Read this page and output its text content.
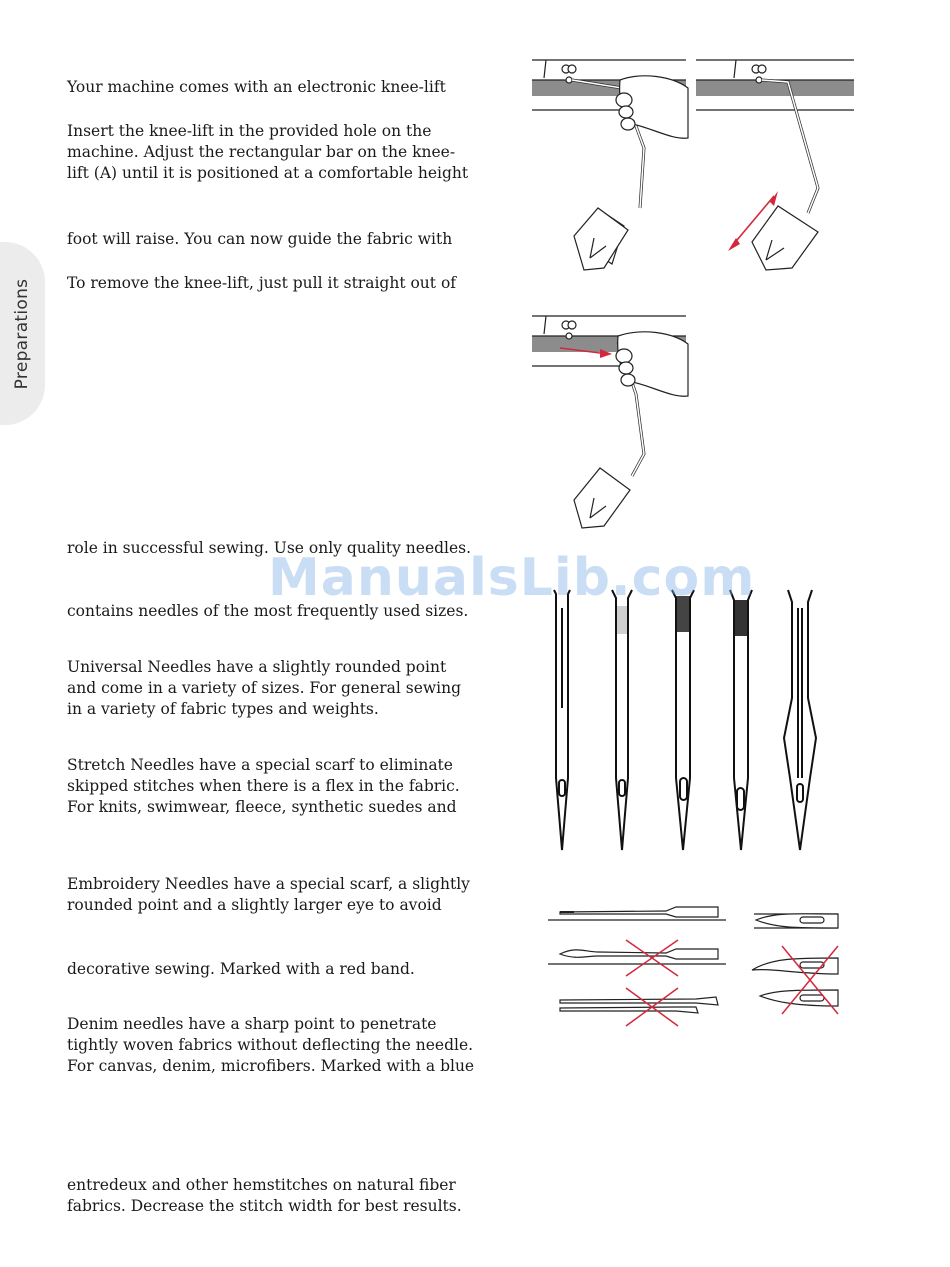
Preparations

Your machine comes with an electronic knee-lift

Insert the knee-lift in the provided hole on the
machine. Adjust the rectangular bar on the knee-
lift (A) until it is positioned at a comfortable height

foot will raise. You can now guide the fabric with

To remove the knee-lift, just pull it straight out of

role in successful sewing. Use only quality needles.

contains needles of the most frequently used sizes.

Universal Needles have a slightly rounded point
and come in a variety of sizes. For general sewing
in a variety of fabric types and weights.

Stretch Needles have a special scarf to eliminate
skipped stitches when there is a flex in the fabric.
For knits, swimwear, fleece, synthetic suedes and

Embroidery Needles have a special scarf, a slightly
rounded point and a slightly larger eye to avoid

decorative sewing. Marked with a red band.

Denim needles have a sharp point to penetrate
tightly woven fabrics without deflecting the needle.
For canvas, denim, microfibers. Marked with a blue

entredeux and other hemstitches on natural fiber
fabrics. Decrease the stitch width for best results.

ManualsLib.com
